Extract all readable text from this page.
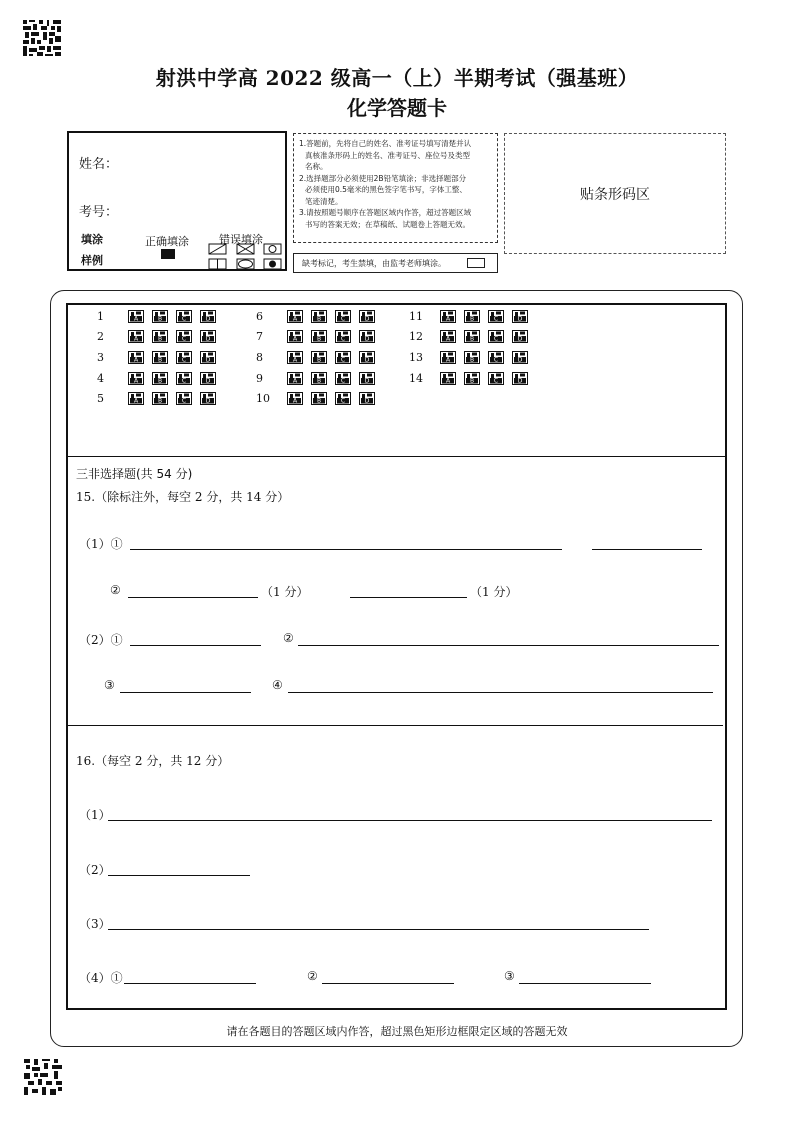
射洪中学高 2022 级高一（上）半期考试（强基班）
化学答题卡
姓名：
考号：
填涂
样例
正确填涂	错误填涂
1.答题前，先将自己的姓名、准考证号填写清楚并认
真核准条形码上的姓名、准考证号、座位号及类型
名称。
2.选择题部分必须使用2B铅笔填涂；非选择题部分
必须使用0.5毫米的黑色签字笔书写，字体工整、
笔迹清楚。
3.请按照题号顺序在答题区域内作答，超过答题区域
书写的答案无效；在草稿纸、试题卷上答题无效。
缺考标记，考生禁填，由监考老师填涂。
贴条形码区
1	A	B	C	D
2	A	B	C	D
3	A	B	C	D
4	A	B	C	D
5	A	B	C	D
6	A	B	C	D
7	A	B	C	D
8	A	B	C	D
9	A	B	C	D
10	A	B	C	D
11	A	B	C	D
12	A	B	C	D
13	A	B	C	D
14	A	B	C	D
三非选择题(共 54 分)
15.（除标注外，每空 2 分，共 14 分）
（1）①
②	（1 分）	（1 分）
（2）①	②
③	④
16.（每空 2 分，共 12 分）
（1）
（2）
（3）
（4）①	②	③
请在各题目的答题区域内作答，超过黑色矩形边框限定区域的答题无效
